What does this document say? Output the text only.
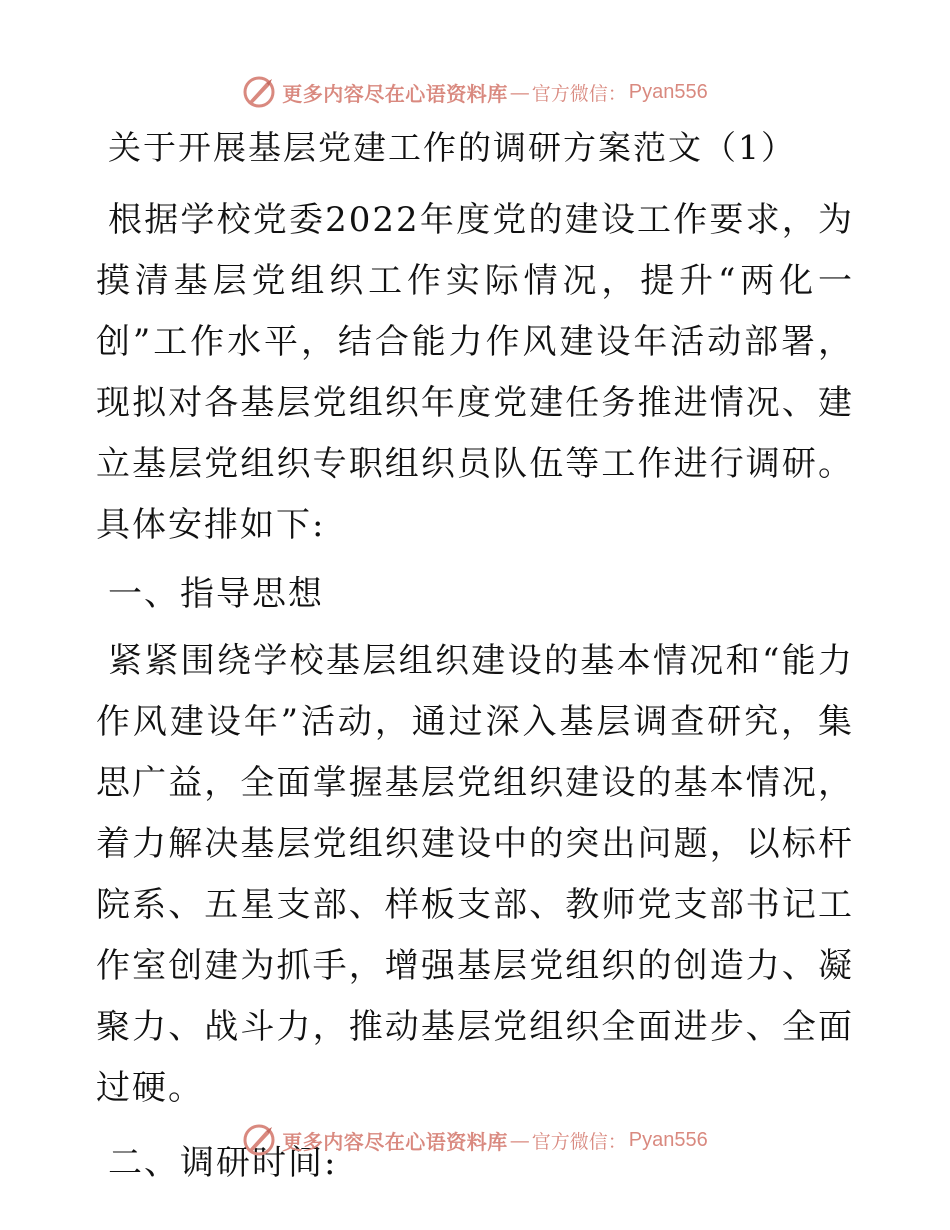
更多内容尽在心语资料库 — 官方微信： Pyan556
关于开展基层党建工作的调研方案范文（1）

根据学校党委2022年度党的建设工作要求，为摸清基层党组织工作实际情况，提升“两化一创”工作水平，结合能力作风建设年活动部署，现拟对各基层党组织年度党建任务推进情况、建立基层党组织专职组织员队伍等工作进行调研。具体安排如下:

一、指导思想

紧紧围绕学校基层组织建设的基本情况和“能力作风建设年”活动，通过深入基层调查研究，集思广益，全面掌握基层党组织建设的基本情况，着力解决基层党组织建设中的突出问题，以标杆院系、五星支部、样板支部、教师党支部书记工作室创建为抓手，增强基层党组织的创造力、凝聚力、战斗力，推动基层党组织全面进步、全面过硬。

二、调研时间:
更多内容尽在心语资料库 — 官方微信： Pyan556
